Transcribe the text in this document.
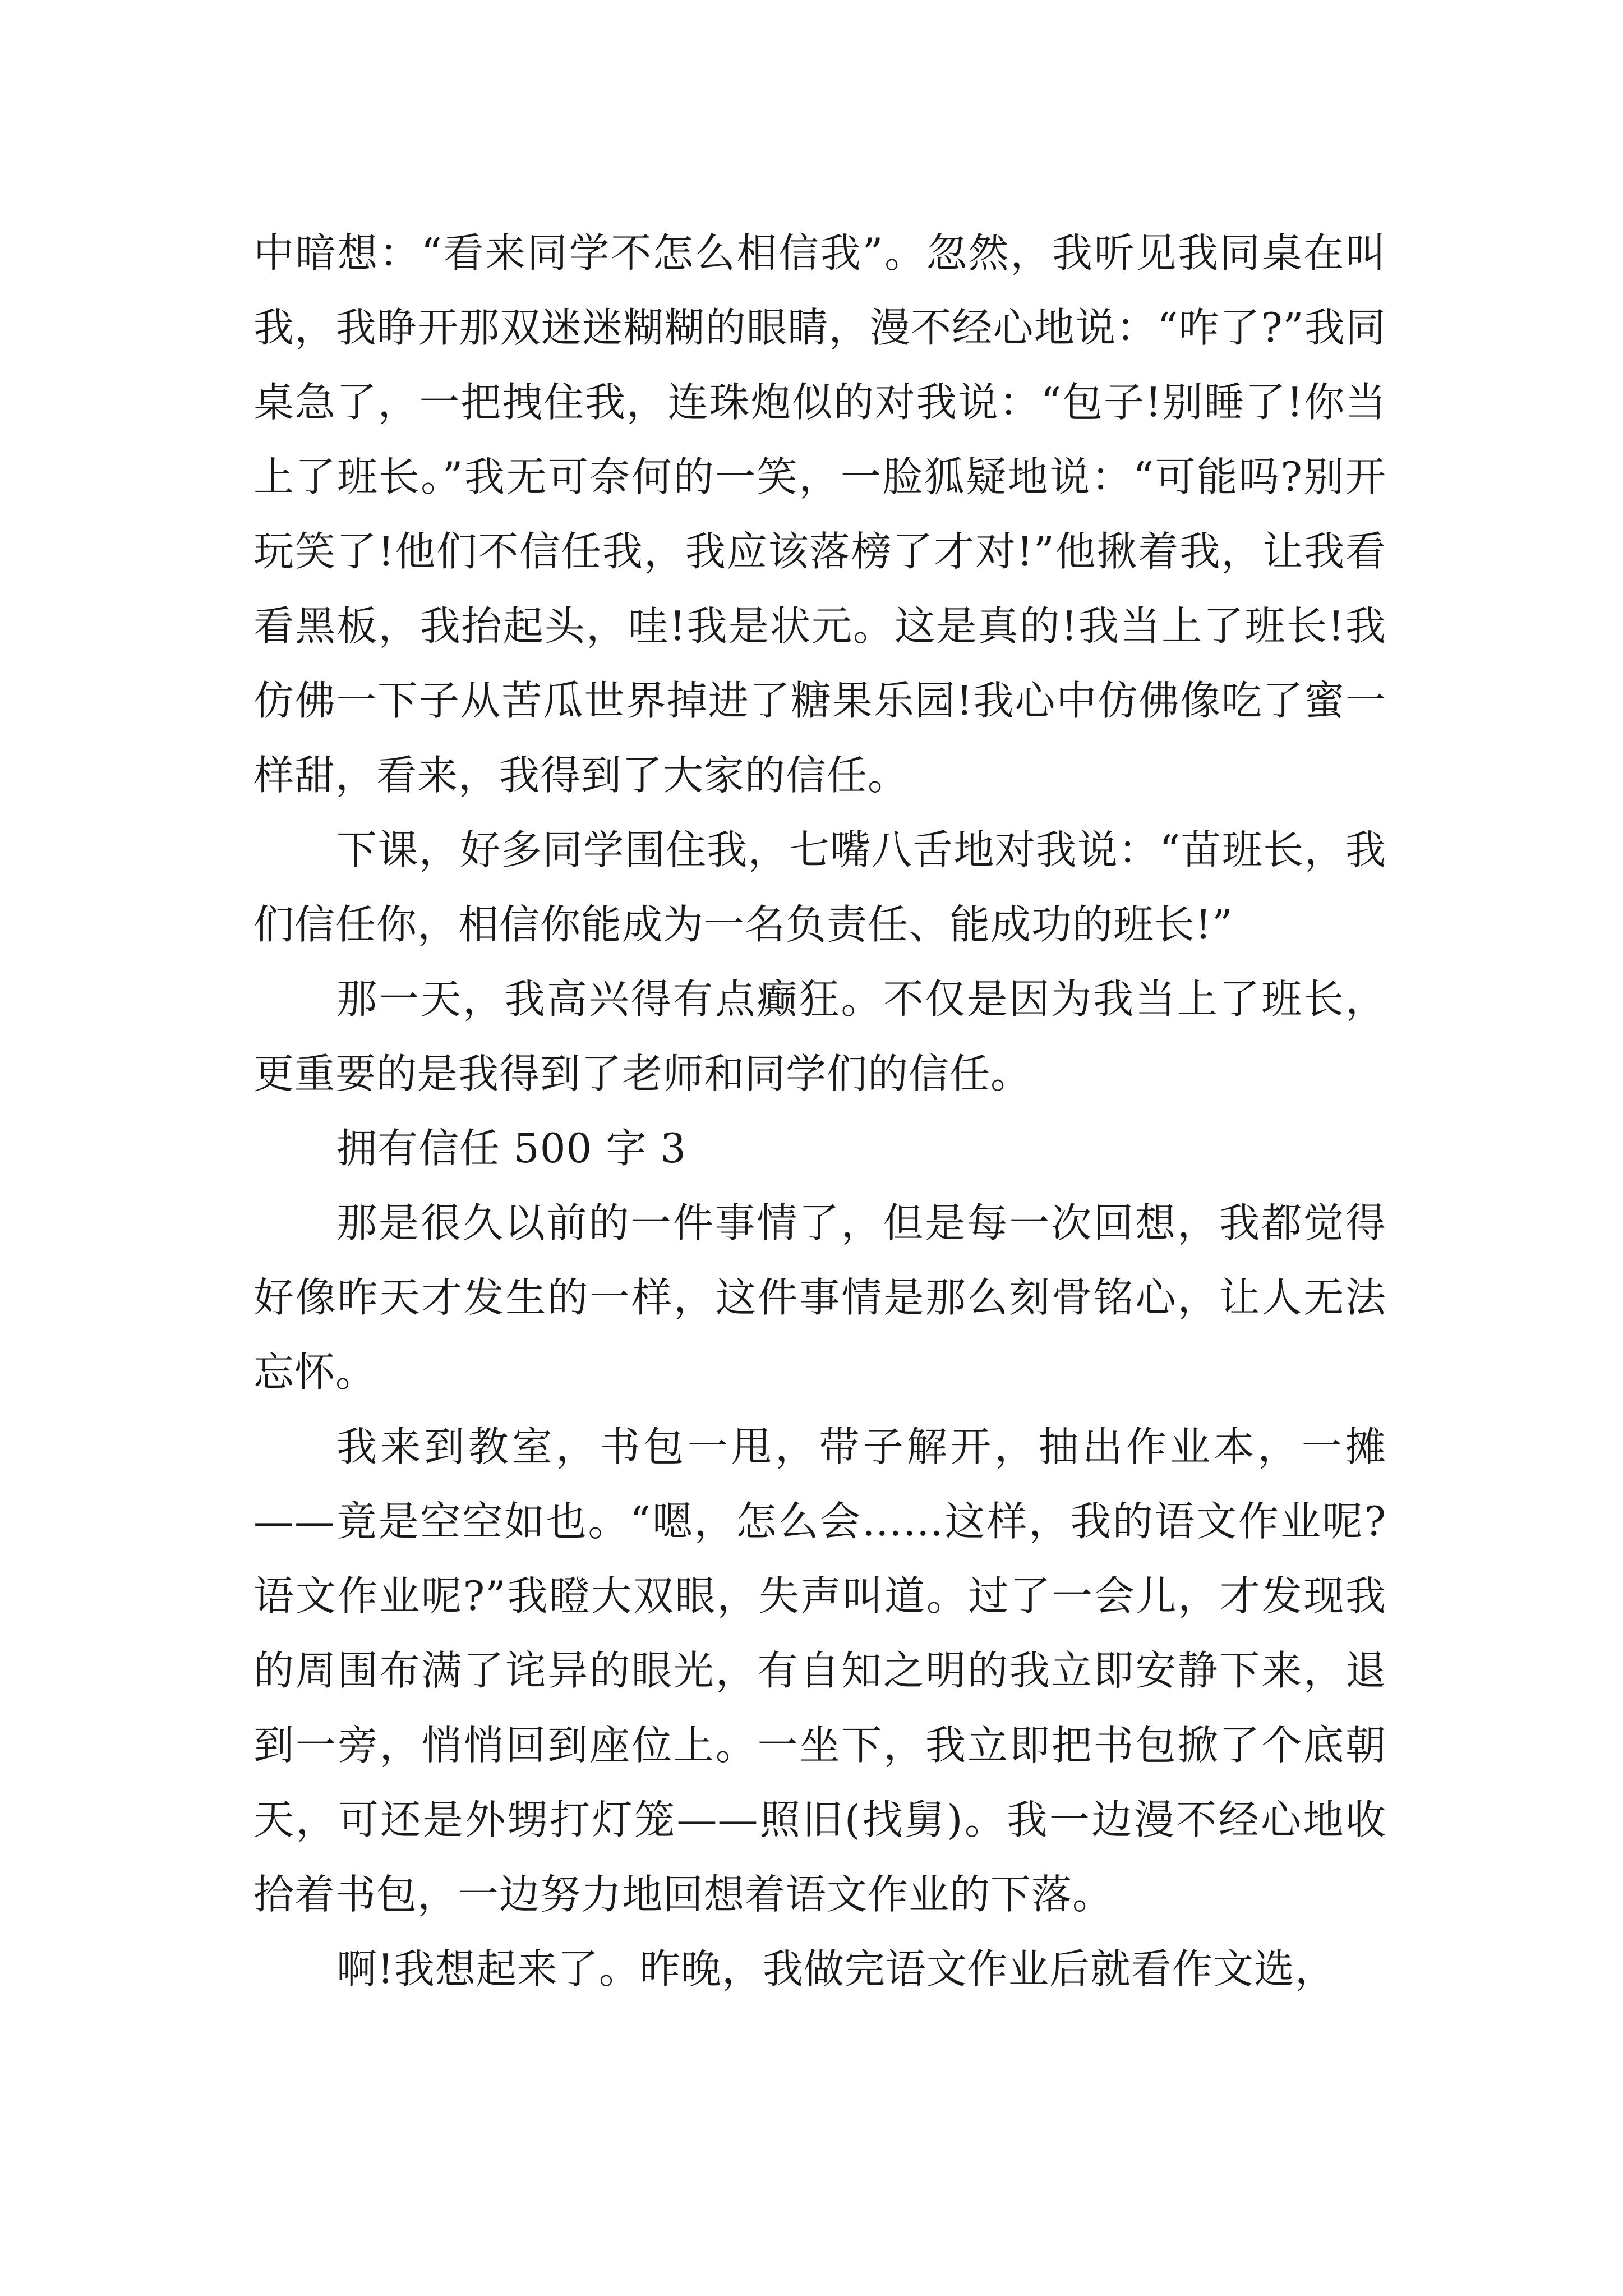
中暗想：“看来同学不怎么相信我”。忽然，我听见我同桌在叫我，我睁开那双迷迷糊糊的眼睛，漫不经心地说：“咋了?”我同桌急了，一把拽住我，连珠炮似的对我说：“包子!别睡了!你当上了班长。”我无可奈何的一笑，一脸狐疑地说：“可能吗?别开玩笑了!他们不信任我，我应该落榜了才对!”他揪着我，让我看看黑板，我抬起头，哇!我是状元。这是真的!我当上了班长!我仿佛一下子从苦瓜世界掉进了糖果乐园!我心中仿佛像吃了蜜一样甜，看来，我得到了大家的信任。

下课，好多同学围住我，七嘴八舌地对我说：“苗班长，我们信任你，相信你能成为一名负责任、能成功的班长!”

那一天，我高兴得有点癫狂。不仅是因为我当上了班长，更重要的是我得到了老师和同学们的信任。

拥有信任 500 字 3

那是很久以前的一件事情了，但是每一次回想，我都觉得好像昨天才发生的一样，这件事情是那么刻骨铭心，让人无法忘怀。

我来到教室，书包一甩，带子解开，抽出作业本，一摊——竟是空空如也。“嗯，怎么会……这样，我的语文作业呢?语文作业呢?”我瞪大双眼，失声叫道。过了一会儿，才发现我的周围布满了诧异的眼光，有自知之明的我立即安静下来，退到一旁，悄悄回到座位上。一坐下，我立即把书包掀了个底朝天，可还是外甥打灯笼——照旧(找舅)。我一边漫不经心地收拾着书包，一边努力地回想着语文作业的下落。

啊!我想起来了。昨晚，我做完语文作业后就看作文选，
